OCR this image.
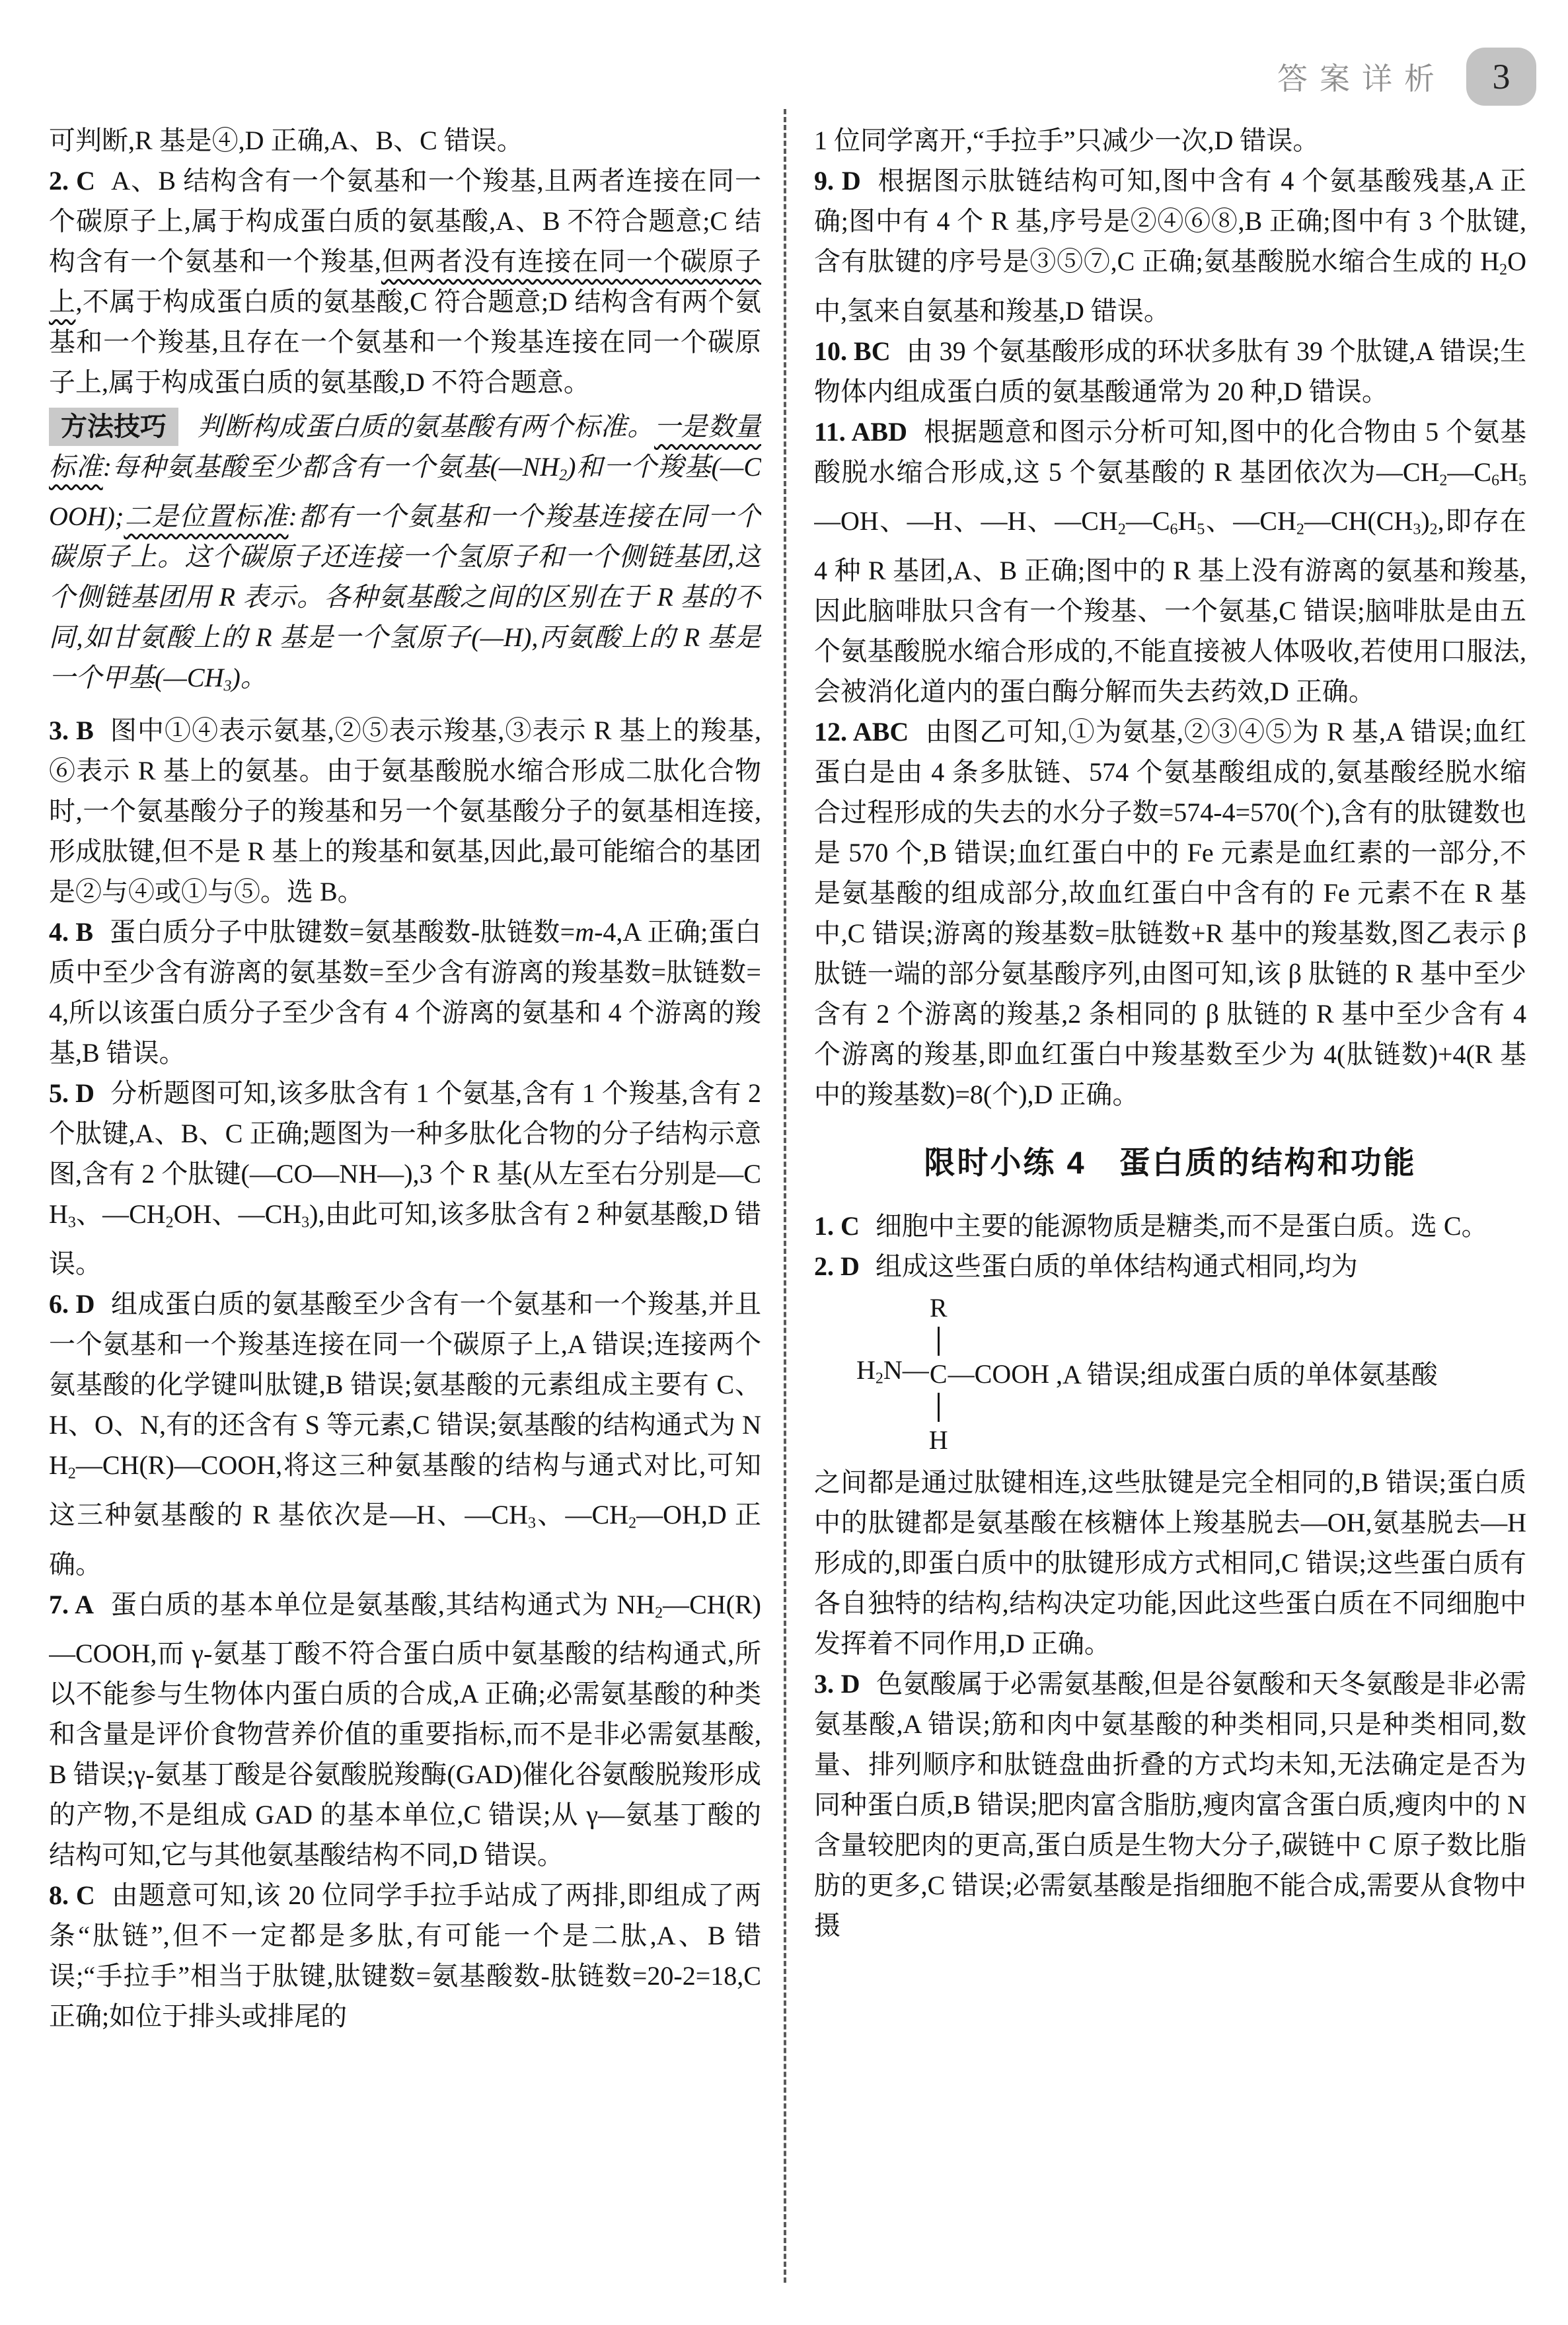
答案详析	3

可判断,R 基是④,D 正确,A、B、C 错误。

2. C A、B 结构含有一个氨基和一个羧基,且两者连接在同一个碳原子上,属于构成蛋白质的氨基酸,A、B 不符合题意;C 结构含有一个氨基和一个羧基,但两者没有连接在同一个碳原子上,不属于构成蛋白质的氨基酸,C 符合题意;D 结构含有两个氨基和一个羧基,且存在一个氨基和一个羧基连接在同一个碳原子上,属于构成蛋白质的氨基酸,D 不符合题意。

方法技巧 判断构成蛋白质的氨基酸有两个标准。一是数量标准:每种氨基酸至少都含有一个氨基(—NH2)和一个羧基(—COOH);二是位置标准:都有一个氨基和一个羧基连接在同一个碳原子上。这个碳原子还连接一个氢原子和一个侧链基团,这个侧链基团用 R 表示。各种氨基酸之间的区别在于 R 基的不同,如甘氨酸上的 R 基是一个氢原子(—H),丙氨酸上的 R 基是一个甲基(—CH3)。

3. B 图中①④表示氨基,②⑤表示羧基,③表示 R 基上的羧基,⑥表示 R 基上的氨基。由于氨基酸脱水缩合形成二肽化合物时,一个氨基酸分子的羧基和另一个氨基酸分子的氨基相连接,形成肽键,但不是 R 基上的羧基和氨基,因此,最可能缩合的基团是②与④或①与⑤。选 B。

4. B 蛋白质分子中肽键数=氨基酸数-肽链数=m-4,A 正确;蛋白质中至少含有游离的氨基数=至少含有游离的羧基数=肽链数=4,所以该蛋白质分子至少含有 4 个游离的氨基和 4 个游离的羧基,B 错误。

5. D 分析题图可知,该多肽含有 1 个氨基,含有 1 个羧基,含有 2 个肽键,A、B、C 正确;题图为一种多肽化合物的分子结构示意图,含有 2 个肽键(—CO—NH—),3 个 R 基(从左至右分别是—CH3、—CH2OH、—CH3),由此可知,该多肽含有 2 种氨基酸,D 错误。

6. D 组成蛋白质的氨基酸至少含有一个氨基和一个羧基,并且一个氨基和一个羧基连接在同一个碳原子上,A 错误;连接两个氨基酸的化学键叫肽键,B 错误;氨基酸的元素组成主要有 C、H、O、N,有的还含有 S 等元素,C 错误;氨基酸的结构通式为 NH2—CH(R)—COOH,将这三种氨基酸的结构与通式对比,可知这三种氨基酸的 R 基依次是—H、—CH3、—CH2—OH,D 正确。

7. A 蛋白质的基本单位是氨基酸,其结构通式为 NH2—CH(R)—COOH,而 γ-氨基丁酸不符合蛋白质中氨基酸的结构通式,所以不能参与生物体内蛋白质的合成,A 正确;必需氨基酸的种类和含量是评价食物营养价值的重要指标,而不是非必需氨基酸,B 错误;γ-氨基丁酸是谷氨酸脱羧酶(GAD)催化谷氨酸脱羧形成的产物,不是组成 GAD 的基本单位,C 错误;从 γ—氨基丁酸的结构可知,它与其他氨基酸结构不同,D 错误。

8. C 由题意可知,该 20 位同学手拉手站成了两排,即组成了两条“肽链”,但不一定都是多肽,有可能一个是二肽,A、B 错误;“手拉手”相当于肽键,肽键数=氨基酸数-肽链数=20-2=18,C 正确;如位于排头或排尾的

1 位同学离开,“手拉手”只减少一次,D 错误。

9. D 根据图示肽链结构可知,图中含有 4 个氨基酸残基,A 正确;图中有 4 个 R 基,序号是②④⑥⑧,B 正确;图中有 3 个肽键,含有肽键的序号是③⑤⑦,C 正确;氨基酸脱水缩合生成的 H2O 中,氢来自氨基和羧基,D 错误。

10. BC 由 39 个氨基酸形成的环状多肽有 39 个肽键,A 错误;生物体内组成蛋白质的氨基酸通常为 20 种,D 错误。

11. ABD 根据题意和图示分析可知,图中的化合物由 5 个氨基酸脱水缩合形成,这 5 个氨基酸的 R 基团依次为—CH2—C6H5—OH、—H、—H、—CH2—C6H5、—CH2—CH(CH3)2,即存在 4 种 R 基团,A、B 正确;图中的 R 基上没有游离的氨基和羧基,因此脑啡肽只含有一个羧基、一个氨基,C 错误;脑啡肽是由五个氨基酸脱水缩合形成的,不能直接被人体吸收,若使用口服法,会被消化道内的蛋白酶分解而失去药效,D 正确。

12. ABC 由图乙可知,①为氨基,②③④⑤为 R 基,A 错误;血红蛋白是由 4 条多肽链、574 个氨基酸组成的,氨基酸经脱水缩合过程形成的失去的水分子数=574-4=570(个),含有的肽键数也是 570 个,B 错误;血红蛋白中的 Fe 元素是血红素的一部分,不是氨基酸的组成部分,故血红蛋白中含有的 Fe 元素不在 R 基中,C 错误;游离的羧基数=肽链数+R 基中的羧基数,图乙表示 β 肽链一端的部分氨基酸序列,由图可知,该 β 肽链的 R 基中至少含有 2 个游离的羧基,2 条相同的 β 肽链的 R 基中至少含有 4 个游离的羧基,即血红蛋白中羧基数至少为 4(肽链数)+4(R 基中的羧基数)=8(个),D 正确。

限时小练 4　蛋白质的结构和功能

1. C 细胞中主要的能源物质是糖类,而不是蛋白质。选 C。

2. D 组成这些蛋白质的单体结构通式相同,均为

H2N—
R
C
H
—COOH ,A 错误;组成蛋白质的单体氨基酸

之间都是通过肽键相连,这些肽键是完全相同的,B 错误;蛋白质中的肽键都是氨基酸在核糖体上羧基脱去—OH,氨基脱去—H 形成的,即蛋白质中的肽键形成方式相同,C 错误;这些蛋白质有各自独特的结构,结构决定功能,因此这些蛋白质在不同细胞中发挥着不同作用,D 正确。

3. D 色氨酸属于必需氨基酸,但是谷氨酸和天冬氨酸是非必需氨基酸,A 错误;筋和肉中氨基酸的种类相同,只是种类相同,数量、排列顺序和肽链盘曲折叠的方式均未知,无法确定是否为同种蛋白质,B 错误;肥肉富含脂肪,瘦肉富含蛋白质,瘦肉中的 N 含量较肥肉的更高,蛋白质是生物大分子,碳链中 C 原子数比脂肪的更多,C 错误;必需氨基酸是指细胞不能合成,需要从食物中摄
